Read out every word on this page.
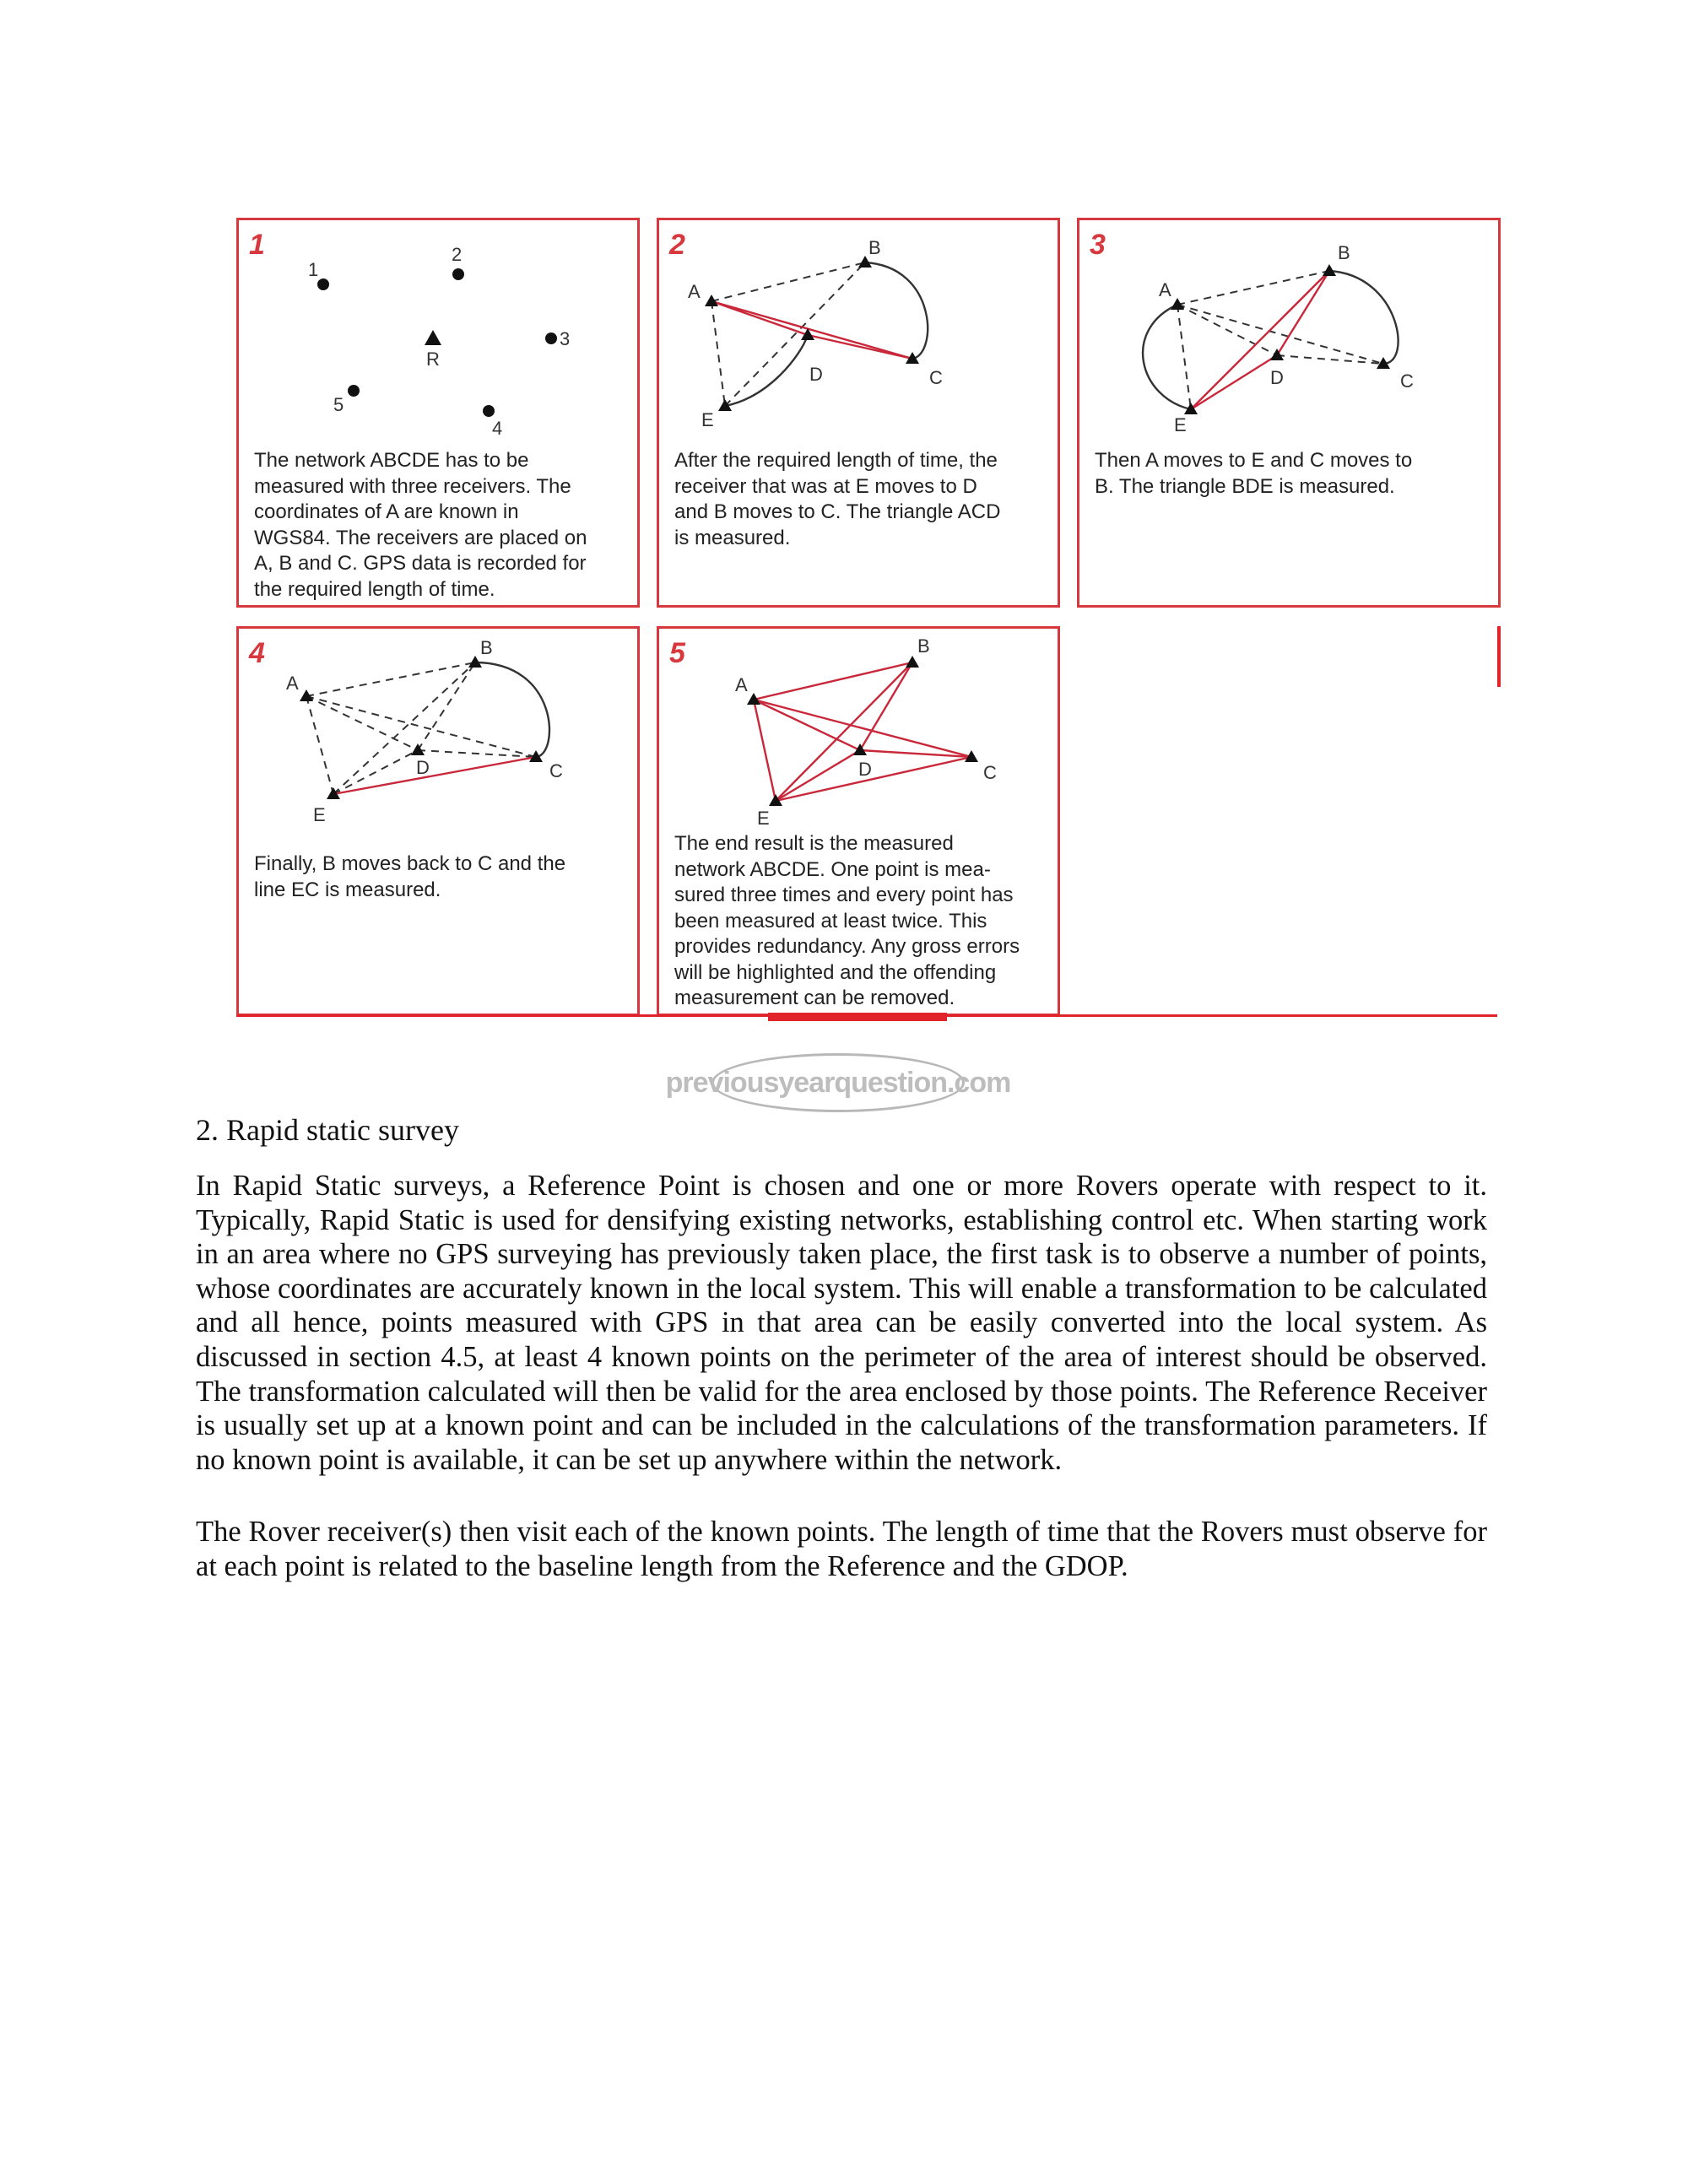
1
1
2
3
R
5
4
The network ABCDE has to be
measured with three receivers. The
coordinates of A are known in
WGS84. The receivers are placed on
A, B and C. GPS data is recorded for
the required length of time.
2
A
B
C
D
E
After the required length of time, the
receiver that was at E moves to D
and B moves to C. The triangle ACD
is measured.
3
A
B
C
D
E
Then A moves to E and C moves to
B. The triangle BDE is measured.
4
A
B
C
D
E
Finally, B moves back to C and the
line EC is measured.
5
A
B
C
D
E
The end result is the measured
network ABCDE. One point is mea-
sured three times and every point has
been measured at least twice. This
provides redundancy. Any gross errors
will be highlighted and the offending
measurement can be removed.
previousyearquestion.com
2. Rapid static survey
In Rapid Static surveys, a Reference Point is chosen and one or more Rovers operate with respect to it. Typically, Rapid Static is used for densifying existing networks, establishing control etc. When starting work in an area where no GPS surveying has previously taken place, the first task is to observe a number of points, whose coordinates are accurately known in the local system. This will enable a transformation to be calculated and all hence, points measured with GPS in that area can be easily converted into the local system. As discussed in section 4.5, at least 4 known points on the perimeter of the area of interest should be observed. The transformation calculated will then be valid for the area enclosed by those points. The Reference Receiver is usually set up at a known point and can be included in the calculations of the transformation parameters. If no known point is available, it can be set up anywhere within the network.
The Rover receiver(s) then visit each of the known points. The length of time that the Rovers must observe for at each point is related to the baseline length from the Reference and the GDOP.
